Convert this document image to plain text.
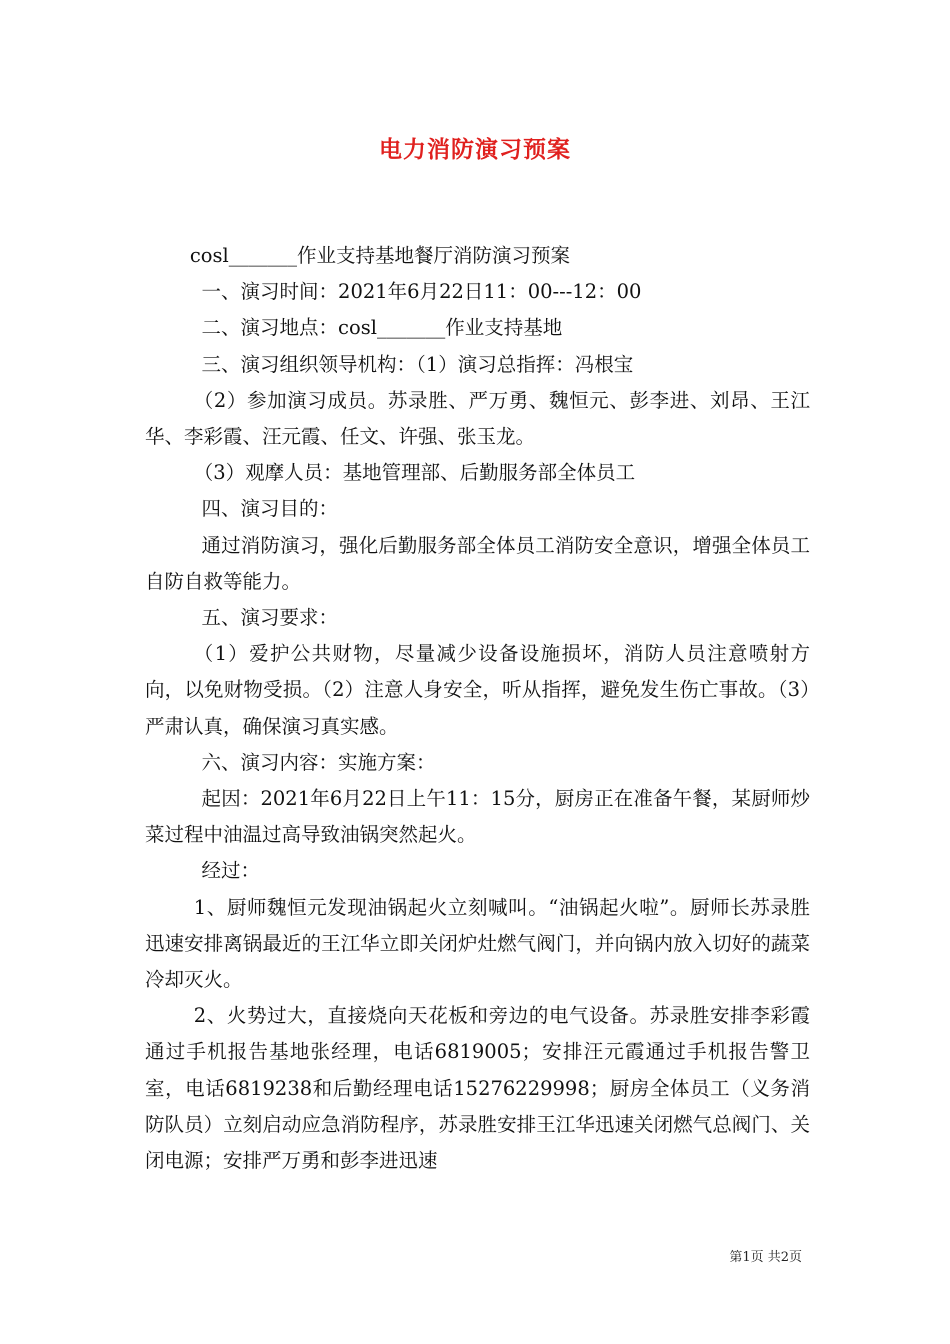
电力消防演习预案

cosl_______作业支持基地餐厅消防演习预案

一、演习时间：2021年6月22日11：00---12：00

二、演习地点：cosl_______作业支持基地

三、演习组织领导机构：（1）演习总指挥：冯根宝

（2）参加演习成员。苏录胜、严万勇、魏恒元、彭李进、刘昂、王江华、李彩霞、汪元霞、任文、许强、张玉龙。

（3）观摩人员：基地管理部、后勤服务部全体员工

四、演习目的：

通过消防演习，强化后勤服务部全体员工消防安全意识，增强全体员工自防自救等能力。

五、演习要求：

（1）爱护公共财物，尽量减少设备设施损坏，消防人员注意喷射方向，以免财物受损。（2）注意人身安全，听从指挥，避免发生伤亡事故。（3）严肃认真，确保演习真实感。

六、演习内容：实施方案：

起因：2021年6月22日上午11：15分，厨房正在准备午餐，某厨师炒菜过程中油温过高导致油锅突然起火。

经过：

1、厨师魏恒元发现油锅起火立刻喊叫。“油锅起火啦”。厨师长苏录胜迅速安排离锅最近的王江华立即关闭炉灶燃气阀门，并向锅内放入切好的蔬菜冷却灭火。

2、火势过大，直接烧向天花板和旁边的电气设备。苏录胜安排李彩霞通过手机报告基地张经理，电话6819005；安排汪元霞通过手机报告警卫室，电话6819238和后勤经理电话15276229998；厨房全体员工（义务消防队员）立刻启动应急消防程序，苏录胜安排王江华迅速关闭燃气总阀门、关闭电源；安排严万勇和彭李进迅速

第1页 共2页
